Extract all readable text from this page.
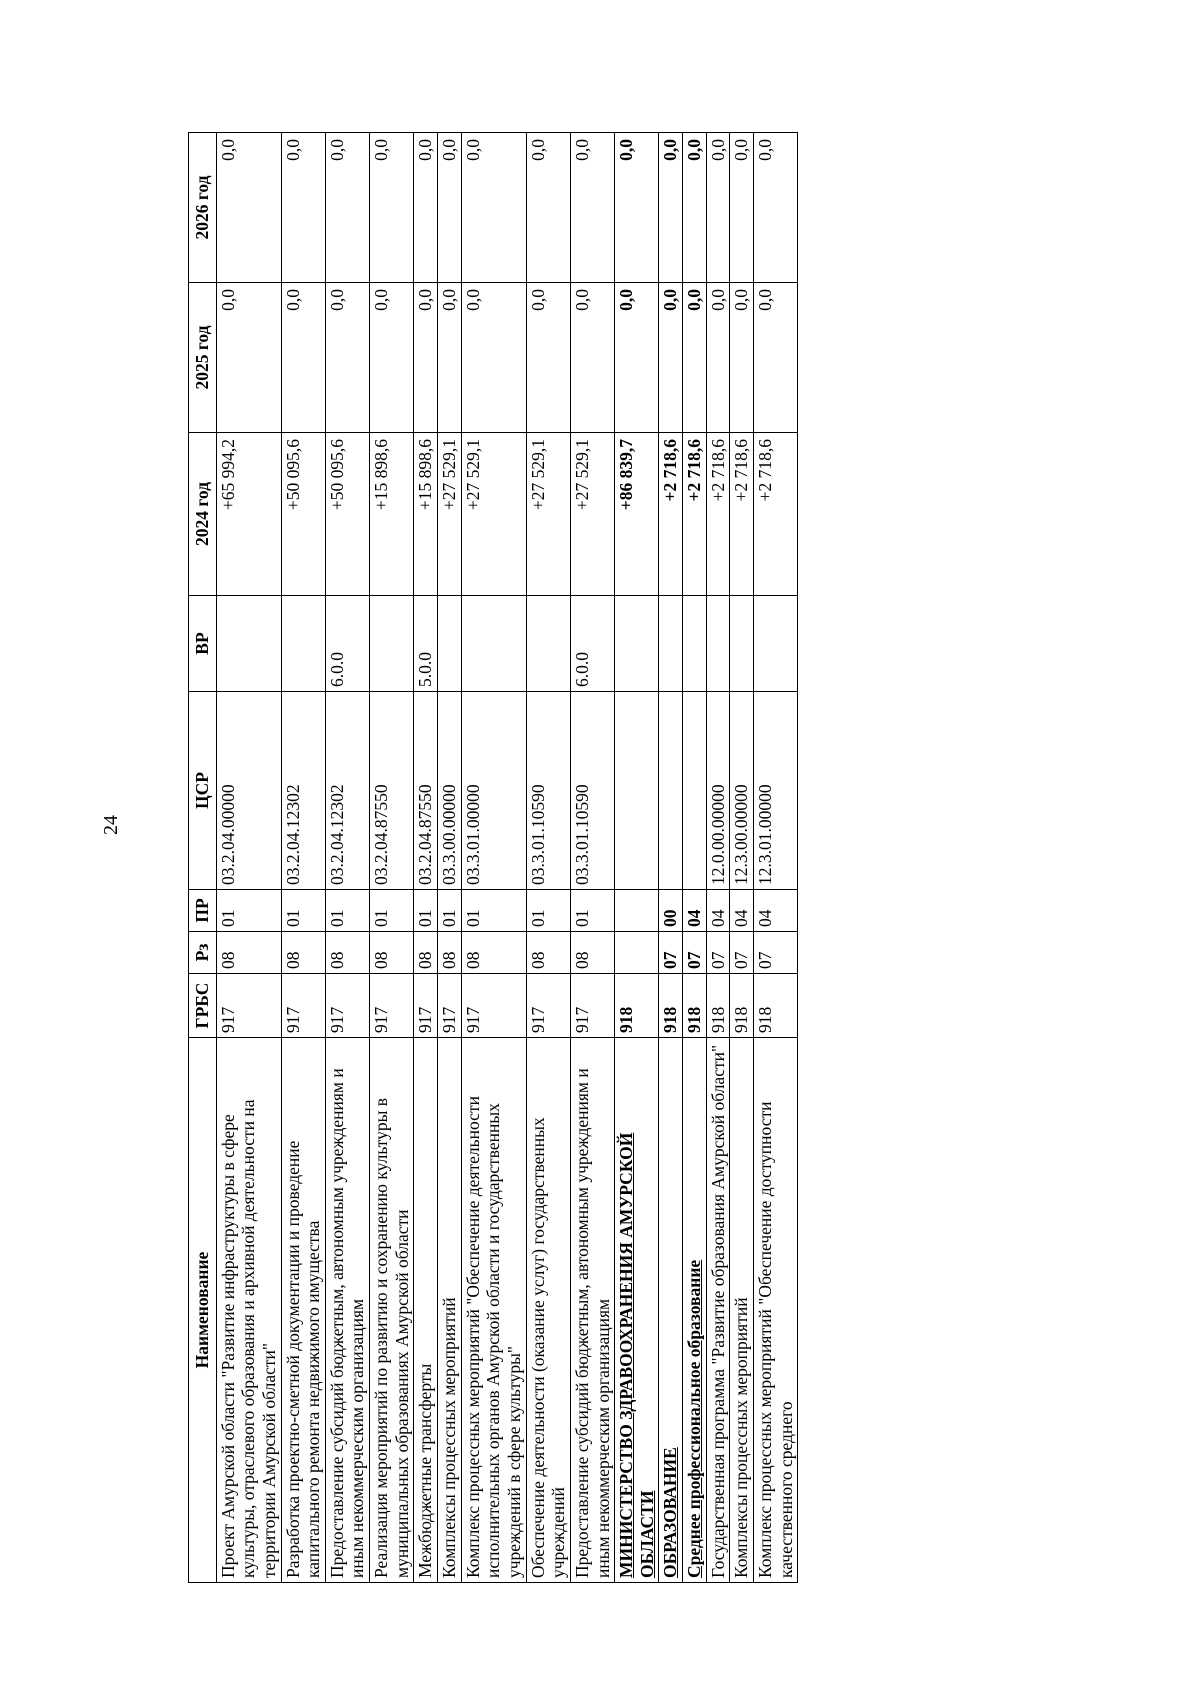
24
Наименование	ГРБС	Рз	ПР	ЦСР	ВР	2024 год	2025 год	2026 год
Проект Амурской области "Развитие инфраструктуры в сфере культуры, отраслевого образования и архивной деятельности на территории Амурской области"	917	08	01	03.2.04.00000		+65 994,2	0,0	0,0
Разработка проектно-сметной документации и проведение капитального ремонта недвижимого имущества	917	08	01	03.2.04.12302		+50 095,6	0,0	0,0
Предоставление субсидий бюджетным, автономным учреждениям и иным некоммерческим организациям	917	08	01	03.2.04.12302	6.0.0	+50 095,6	0,0	0,0
Реализация мероприятий по развитию и сохранению культуры в муниципальных образованиях Амурской области	917	08	01	03.2.04.87550		+15 898,6	0,0	0,0
Межбюджетные трансферты	917	08	01	03.2.04.87550	5.0.0	+15 898,6	0,0	0,0
Комплексы процессных мероприятий	917	08	01	03.3.00.00000		+27 529,1	0,0	0,0
Комплекс процессных мероприятий "Обеспечение деятельности исполнительных органов Амурской области и государственных учреждений в сфере культуры"	917	08	01	03.3.01.00000		+27 529,1	0,0	0,0
Обеспечение деятельности (оказание услуг) государственных учреждений	917	08	01	03.3.01.10590		+27 529,1	0,0	0,0
Предоставление субсидий бюджетным, автономным учреждениям и иным некоммерческим организациям	917	08	01	03.3.01.10590	6.0.0	+27 529,1	0,0	0,0
МИНИСТЕРСТВО ЗДРАВООХРАНЕНИЯ АМУРСКОЙ ОБЛАСТИ	918					+86 839,7	0,0	0,0
ОБРАЗОВАНИЕ	918	07	00			+2 718,6	0,0	0,0
Среднее профессиональное образование	918	07	04			+2 718,6	0,0	0,0
Государственная программа "Развитие образования Амурской области"	918	07	04	12.0.00.00000		+2 718,6	0,0	0,0
Комплексы процессных мероприятий	918	07	04	12.3.00.00000		+2 718,6	0,0	0,0
Комплекс процессных мероприятий "Обеспечение доступности качественного среднего	918	07	04	12.3.01.00000		+2 718,6	0,0	0,0
